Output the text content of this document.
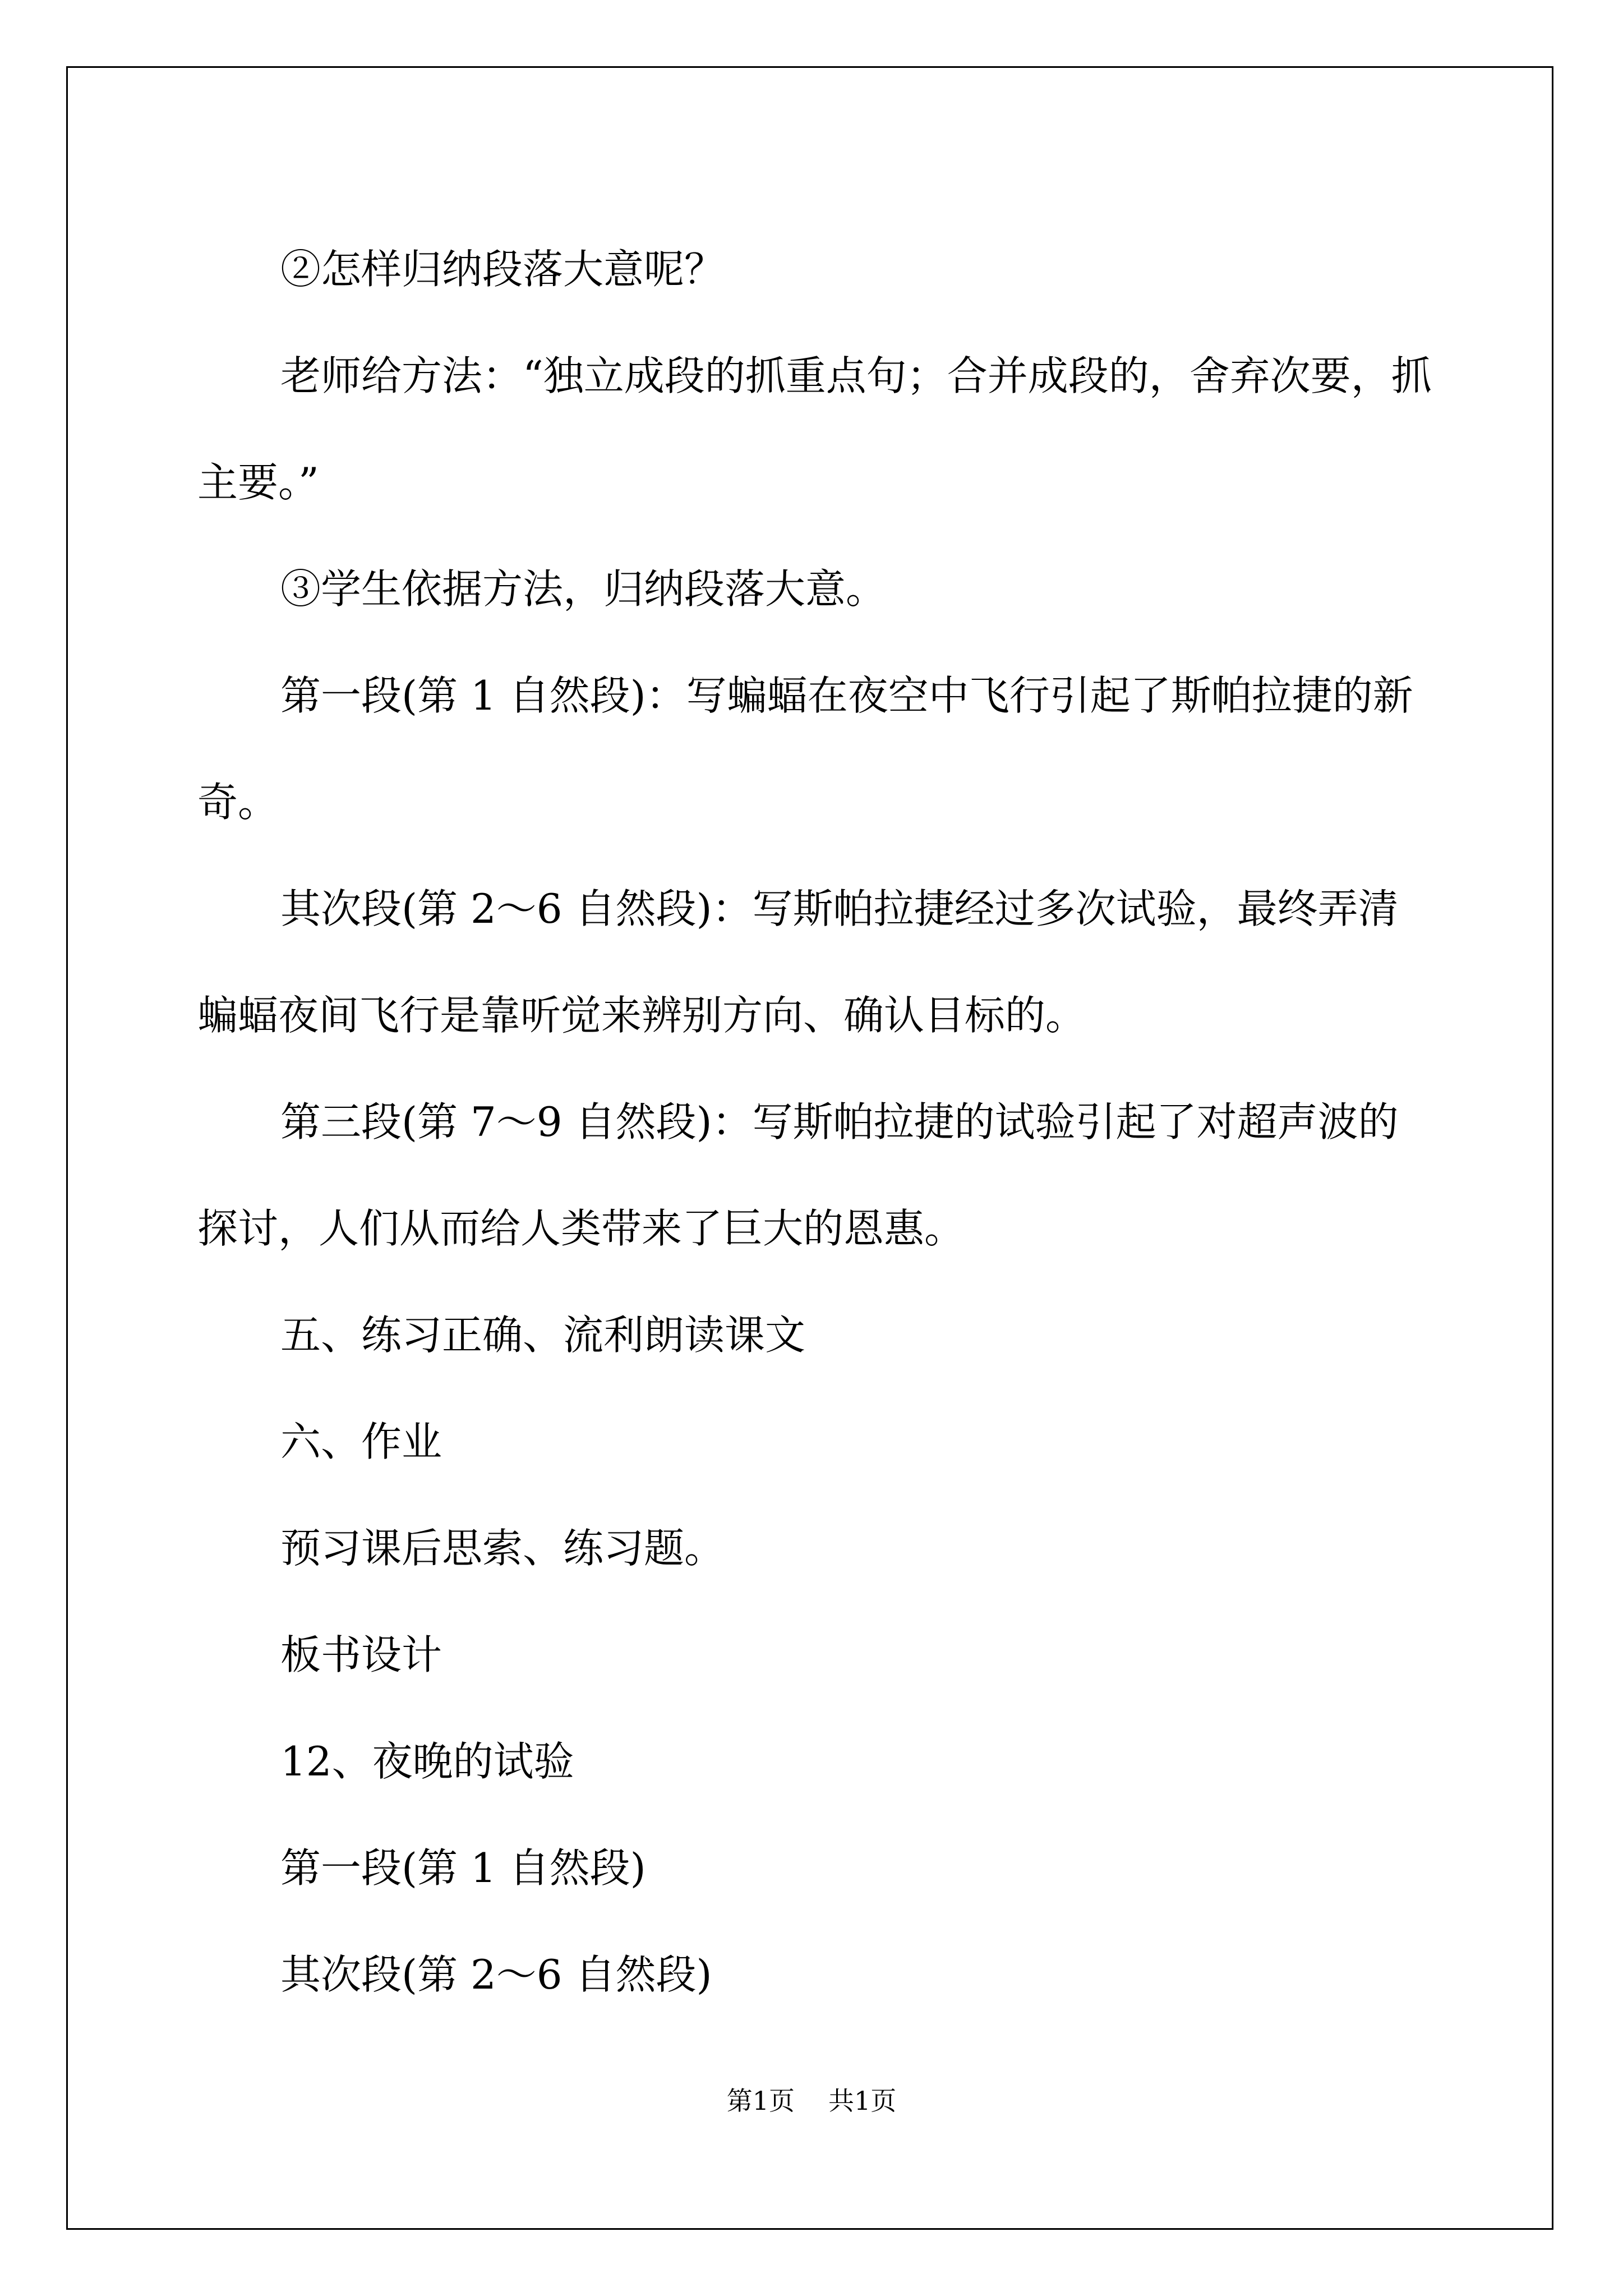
②怎样归纳段落大意呢？

老师给方法：“独立成段的抓重点句；合并成段的，舍弃次要，抓主要。”

③学生依据方法，归纳段落大意。

第一段(第 1 自然段)：写蝙蝠在夜空中飞行引起了斯帕拉捷的新奇。

其次段(第 2～6 自然段)：写斯帕拉捷经过多次试验，最终弄清蝙蝠夜间飞行是靠听觉来辨别方向、确认目标的。

第三段(第 7～9 自然段)：写斯帕拉捷的试验引起了对超声波的探讨，人们从而给人类带来了巨大的恩惠。

五、练习正确、流利朗读课文

六、作业

预习课后思索、练习题。

板书设计

12、夜晚的试验

第一段(第 1 自然段)

其次段(第 2～6 自然段)

第1页 共1页
